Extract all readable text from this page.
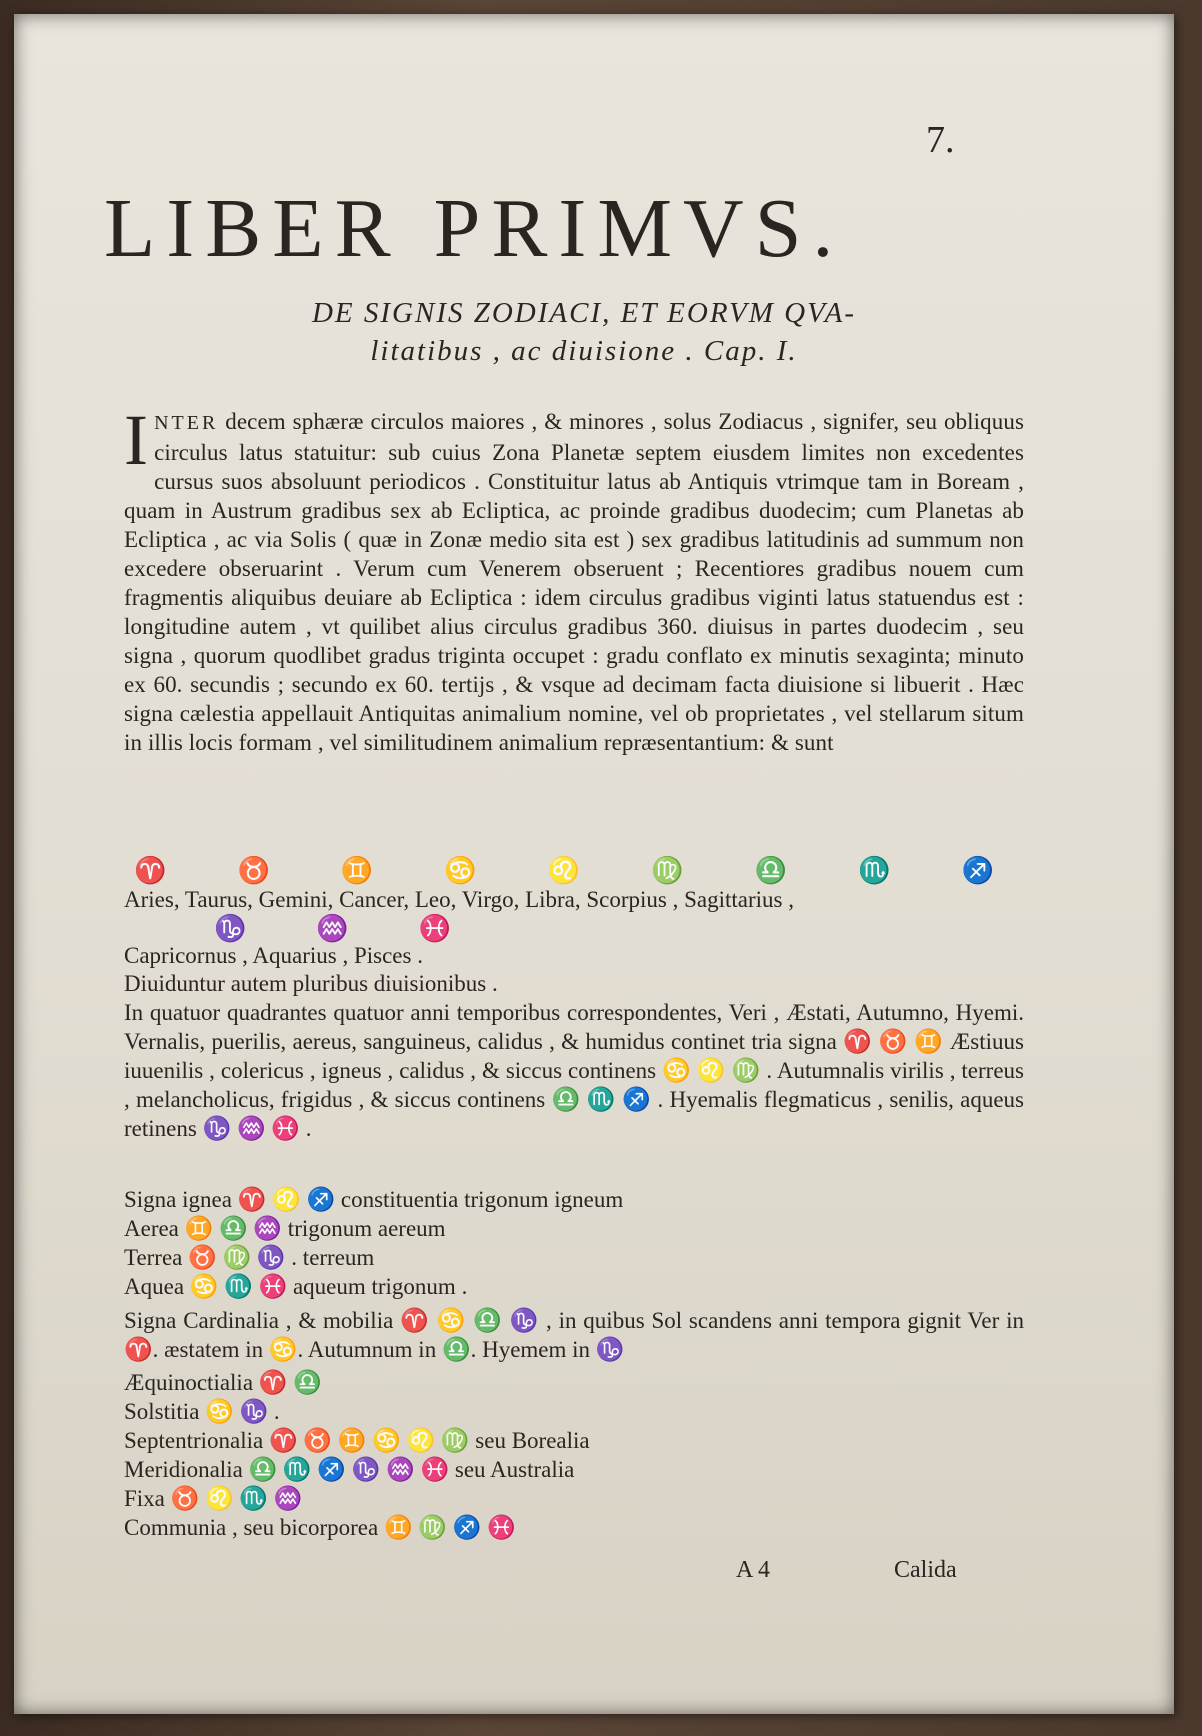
7.
LIBER PRIMVS.
DE SIGNIS ZODIACI, ET EORVM QVA-
litatibus , ac diuisione . Cap. I.
INTER decem sphæræ circulos maiores , & minores , solus Zodiacus , signifer, seu obliquus circulus latus statuitur: sub cuius Zona Planetæ septem eiusdem limites non excedentes cursus suos absoluunt periodicos . Constituitur latus ab Antiquis vtrimque tam in Boream , quam in Austrum gradibus sex ab Ecliptica, ac proinde gradibus duodecim; cum Planetas ab Ecliptica , ac via Solis ( quæ in Zonæ medio sita est ) sex gradibus latitudinis ad summum non excedere obseruarint . Verum cum Venerem obseruent ; Recentiores gradibus nouem cum fragmentis aliquibus deuiare ab Ecliptica : idem circulus gradibus viginti latus statuendus est : longitudine autem , vt quilibet alius circulus gradibus 360. diuisus in partes duodecim , seu signa , quorum quodlibet gradus triginta occupet : gradu conflato ex minutis sexaginta; minuto ex 60. secundis ; secundo ex 60. tertijs , & vsque ad decimam facta diuisione si libuerit . Hæc signa cælestia appellauit Antiquitas animalium nomine, vel ob proprietates , vel stellarum situm in illis locis formam , vel similitudinem animalium repræsentantium: & sunt
♈	♉	♊	♋	♌	♍	♎	♏	♐
Aries, Taurus, Gemini, Cancer, Leo, Virgo, Libra, Scorpius , Sagittarius ,
♑	♒	♓
Capricornus , Aquarius , Pisces .
Diuiduntur autem pluribus diuisionibus .
In quatuor quadrantes quatuor anni temporibus correspondentes, Veri , Æstati, Autumno, Hyemi. Vernalis, puerilis, aereus, sanguineus, calidus , & humidus continet tria signa ♈ ♉ ♊ Æstiuus iuuenilis , colericus , igneus , calidus , & siccus continens ♋ ♌ ♍ . Autumnalis virilis , terreus , melancholicus, frigidus , & siccus continens ♎ ♏ ♐ . Hyemalis flegmaticus , senilis, aqueus retinens ♑ ♒ ♓ .
Signa ignea ♈ ♌ ♐ constituentia trigonum igneum
Aerea ♊ ♎ ♒ trigonum aereum
Terrea ♉ ♍ ♑ . terreum
Aquea ♋ ♏ ♓ aqueum trigonum .
Signa Cardinalia , & mobilia ♈ ♋ ♎ ♑ , in quibus Sol scandens anni tempora gignit Ver in ♈. æstatem in ♋. Autumnum in ♎. Hyemem in ♑
Æquinoctialia ♈ ♎
Solstitia ♋ ♑ .
Septentrionalia ♈ ♉ ♊ ♋ ♌ ♍ seu Borealia
Meridionalia ♎ ♏ ♐ ♑ ♒ ♓ seu Australia
Fixa ♉ ♌ ♏ ♒
Communia , seu bicorporea ♊ ♍ ♐ ♓
A 4	Calida
